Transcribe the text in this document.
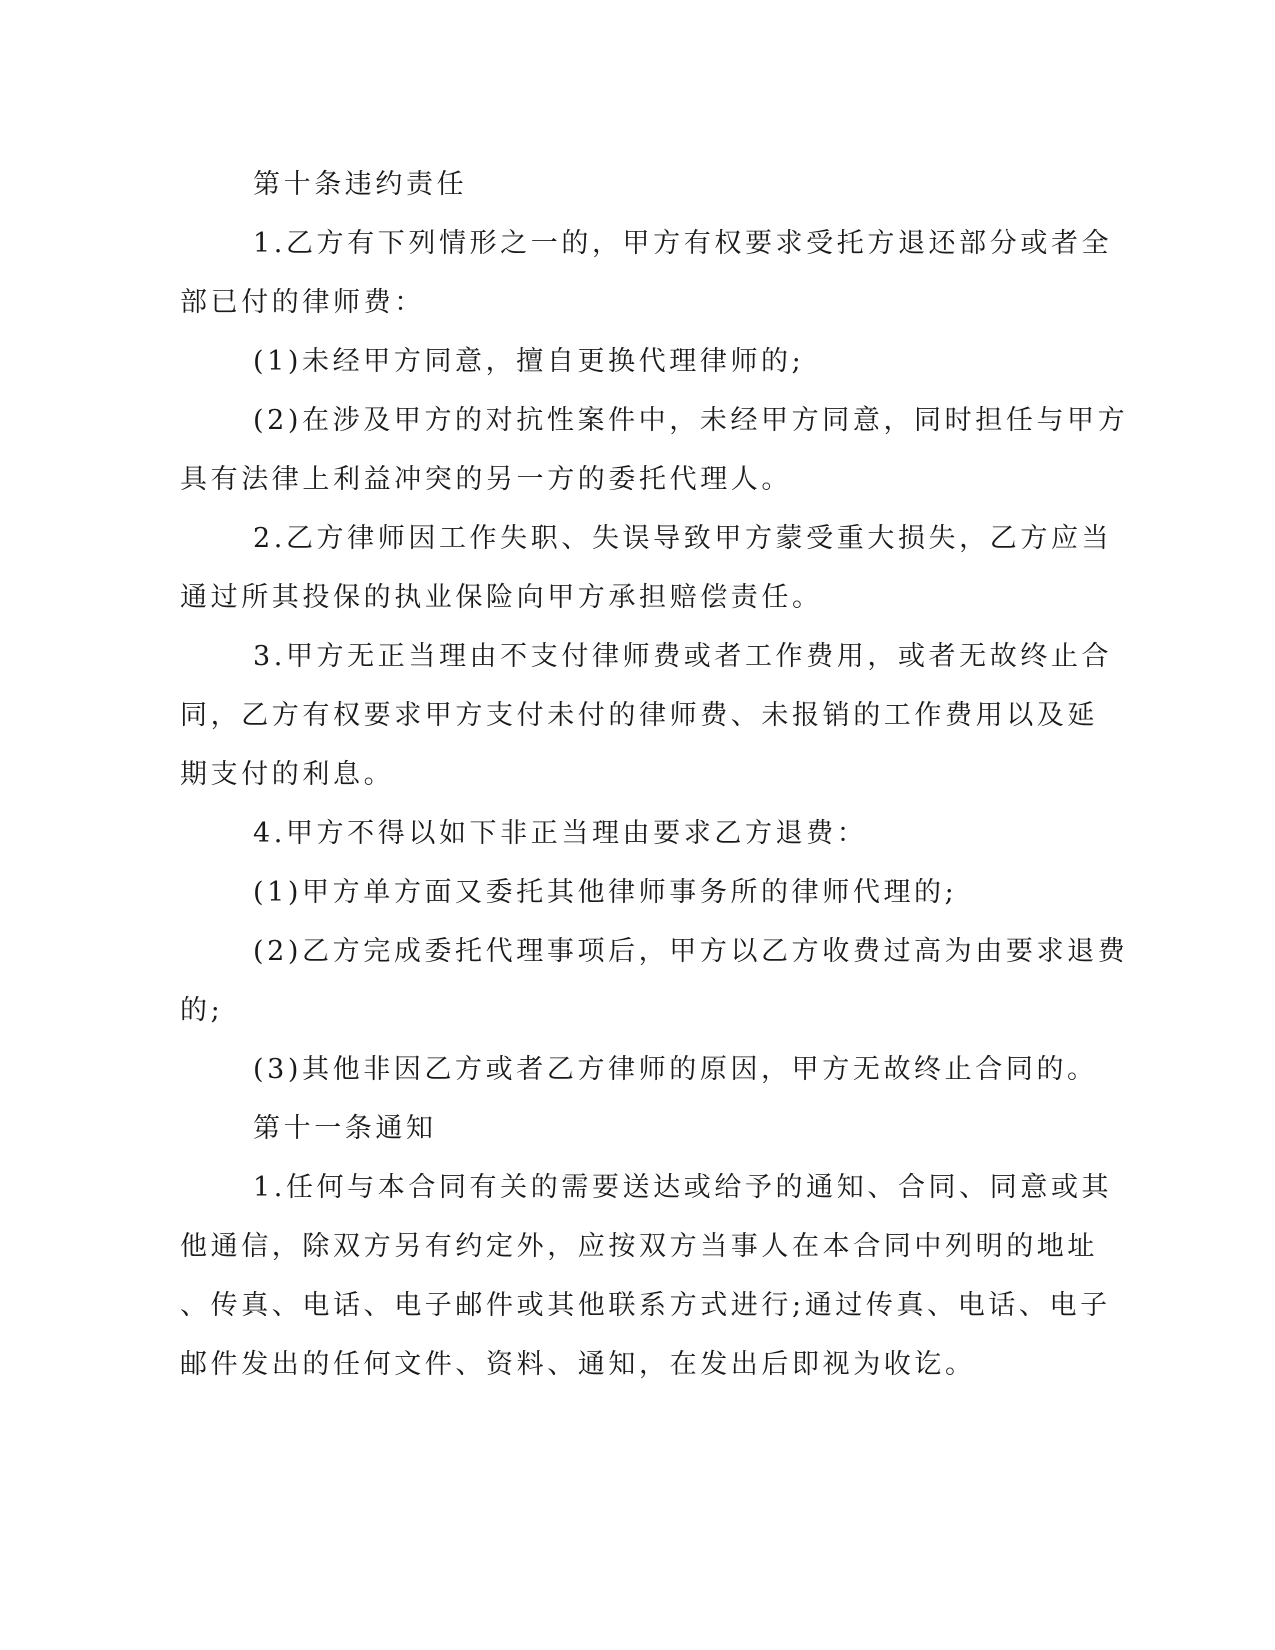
第十条违约责任
1.乙方有下列情形之一的，甲方有权要求受托方退还部分或者全
部已付的律师费：
(1)未经甲方同意，擅自更换代理律师的;
(2)在涉及甲方的对抗性案件中，未经甲方同意，同时担任与甲方
具有法律上利益冲突的另一方的委托代理人。
2.乙方律师因工作失职、失误导致甲方蒙受重大损失，乙方应当
通过所其投保的执业保险向甲方承担赔偿责任。
3.甲方无正当理由不支付律师费或者工作费用，或者无故终止合
同，乙方有权要求甲方支付未付的律师费、未报销的工作费用以及延
期支付的利息。
4.甲方不得以如下非正当理由要求乙方退费：
(1)甲方单方面又委托其他律师事务所的律师代理的;
(2)乙方完成委托代理事项后，甲方以乙方收费过高为由要求退费
的;
(3)其他非因乙方或者乙方律师的原因，甲方无故终止合同的。
第十一条通知
1.任何与本合同有关的需要送达或给予的通知、合同、同意或其
他通信，除双方另有约定外，应按双方当事人在本合同中列明的地址
、传真、电话、电子邮件或其他联系方式进行;通过传真、电话、电子
邮件发出的任何文件、资料、通知，在发出后即视为收讫。
